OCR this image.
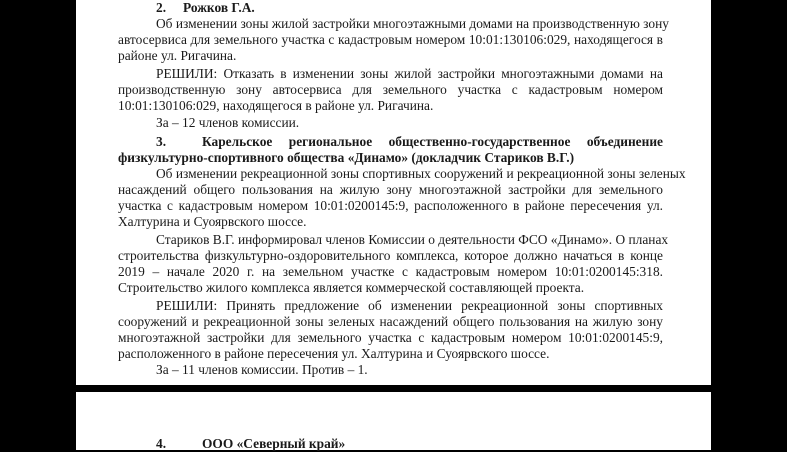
2. Рожков Г.А.
Об изменении зоны жилой застройки многоэтажными домами на производственную зону
автосервиса для земельного участка с кадастровым номером 10:01:130106:029, находящегося в
районе ул. Ригачина.
РЕШИЛИ: Отказать в изменении зоны жилой застройки многоэтажными домами на
производственную зону автосервиса для земельного участка с кадастровым номером
10:01:130106:029, находящегося в районе ул. Ригачина.
За – 12 членов комиссии.
3.	Карельское региональное общественно-государственное объединение
физкультурно-спортивного общества «Динамо» (докладчик Стариков В.Г.)
Об изменении рекреационной зоны спортивных сооружений и рекреационной зоны зеленых
насаждений общего пользования на жилую зону многоэтажной застройки для земельного
участка с кадастровым номером 10:01:0200145:9, расположенного в районе пересечения ул.
Халтурина и Суоярвского шоссе.
Стариков В.Г. информировал членов Комиссии о деятельности ФСО «Динамо». О планах
строительства физкультурно-оздоровительного комплекса, которое должно начаться в конце
2019 – начале 2020 г. на земельном участке с кадастровым номером 10:01:0200145:318.
Строительство жилого комплекса является коммерческой составляющей проекта.
РЕШИЛИ: Принять предложение об изменении рекреационной зоны спортивных
сооружений и рекреационной зоны зеленых насаждений общего пользования на жилую зону
многоэтажной застройки для земельного участка с кадастровым номером 10:01:0200145:9,
расположенного в районе пересечения ул. Халтурина и Суоярвского шоссе.
За – 11 членов комиссии. Против – 1.
4.	ООО «Северный край»
